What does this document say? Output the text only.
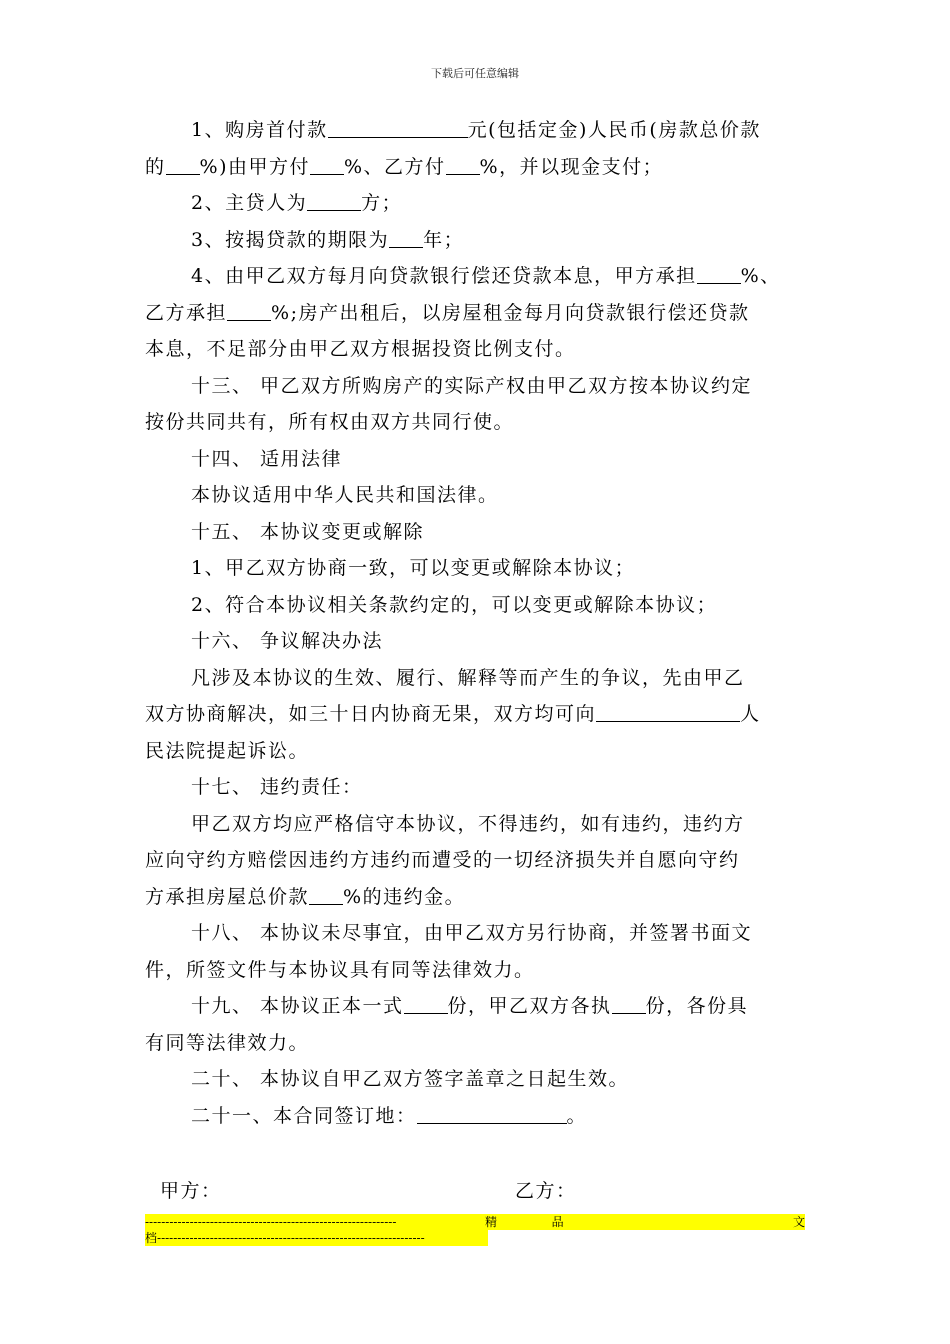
下载后可任意编辑
1、购房首付款	元(包括定金)人民币(房款总价款
的 %)由甲方付 %、乙方付 %，并以现金支付；
2、主贷人为	方；
3、按揭贷款的期限为 年；
4、由甲乙双方每月向贷款银行偿还贷款本息，甲方承担 %、
乙方承担 %;房产出租后，以房屋租金每月向贷款银行偿还贷款
本息，不足部分由甲乙双方根据投资比例支付。
十三、 甲乙双方所购房产的实际产权由甲乙双方按本协议约定
按份共同共有，所有权由双方共同行使。
十四、 适用法律
本协议适用中华人民共和国法律。
十五、 本协议变更或解除
1、甲乙双方协商一致，可以变更或解除本协议；
2、符合本协议相关条款约定的，可以变更或解除本协议；
十六、 争议解决办法
凡涉及本协议的生效、履行、解释等而产生的争议，先由甲乙
双方协商解决，如三十日内协商无果，双方均可向	人
民法院提起诉讼。
十七、 违约责任：
甲乙双方均应严格信守本协议，不得违约，如有违约，违约方
应向守约方赔偿因违约方违约而遭受的一切经济损失并自愿向守约
方承担房屋总价款 %的违约金。
十八、 本协议未尽事宜，由甲乙双方另行协商，并签署书面文
件，所签文件与本协议具有同等法律效力。
十九、 本协议正本一式 份，甲乙双方各执 份，各份具
有同等法律效力。
二十、 本协议自甲乙双方签字盖章之日起生效。
二十一、本合同签订地：	。
甲方：	乙方：
--------------------------------------------------------------	精	品	文
档------------------------------------------------------------------
